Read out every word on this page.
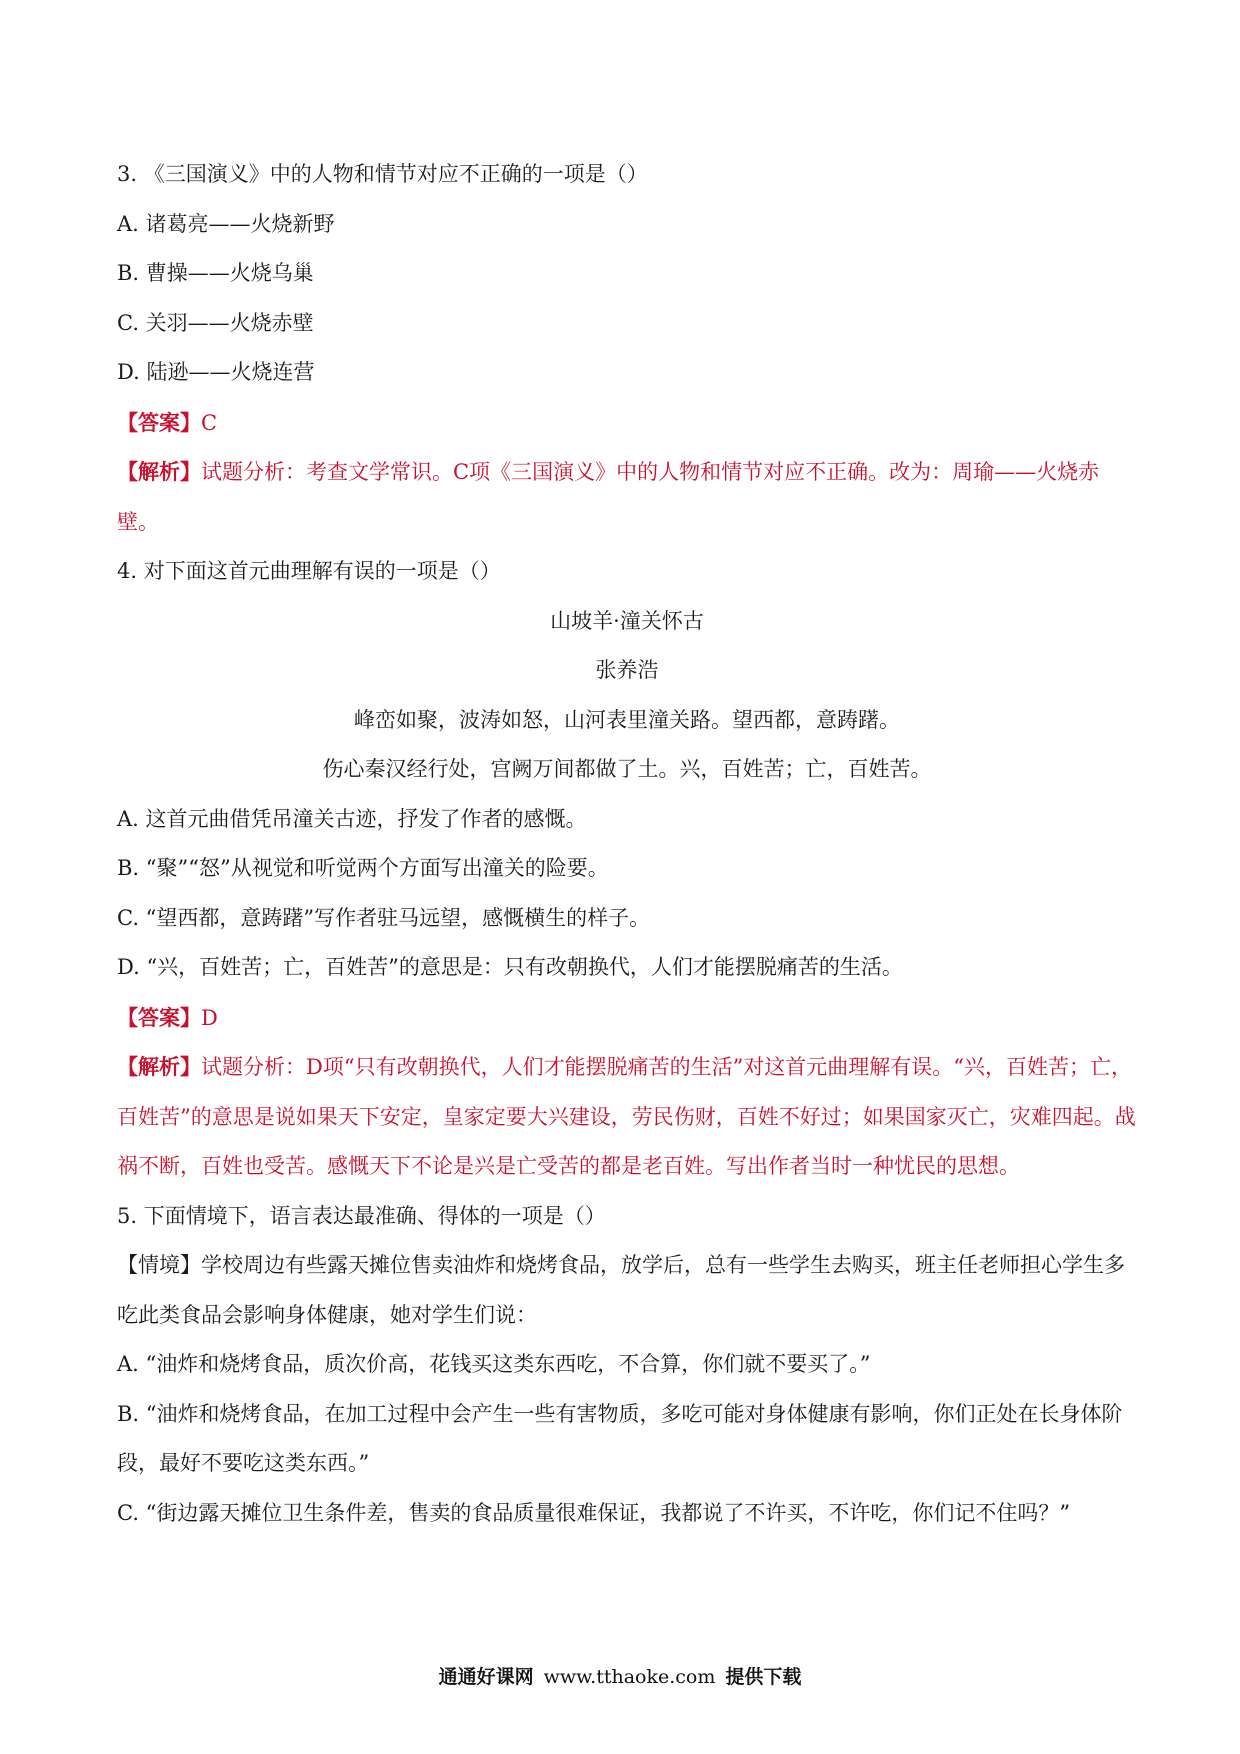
3. 《三国演义》中的人物和情节对应不正确的一项是（）
A. 诸葛亮——火烧新野
B. 曹操——火烧乌巢
C. 关羽——火烧赤壁
D. 陆逊——火烧连营
【答案】C
【解析】试题分析：考查文学常识。C项《三国演义》中的人物和情节对应不正确。改为：周瑜——火烧赤壁。
4. 对下面这首元曲理解有误的一项是（）
山坡羊·潼关怀古
张养浩
峰峦如聚，波涛如怒，山河表里潼关路。望西都，意踌躇。
伤心秦汉经行处，宫阙万间都做了土。兴，百姓苦；亡，百姓苦。
A. 这首元曲借凭吊潼关古迹，抒发了作者的感慨。
B. “聚”“怒”从视觉和听觉两个方面写出潼关的险要。
C. “望西都，意踌躇”写作者驻马远望，感慨横生的样子。
D. “兴，百姓苦；亡，百姓苦”的意思是：只有改朝换代，人们才能摆脱痛苦的生活。
【答案】D
【解析】试题分析：D项“只有改朝换代，人们才能摆脱痛苦的生活”对这首元曲理解有误。“兴，百姓苦；亡，百姓苦”的意思是说如果天下安定，皇家定要大兴建设，劳民伤财，百姓不好过；如果国家灭亡，灾难四起。战祸不断，百姓也受苦。感慨天下不论是兴是亡受苦的都是老百姓。写出作者当时一种忧民的思想。
5. 下面情境下，语言表达最准确、得体的一项是（）
【情境】学校周边有些露天摊位售卖油炸和烧烤食品，放学后，总有一些学生去购买，班主任老师担心学生多吃此类食品会影响身体健康，她对学生们说：
A. “油炸和烧烤食品，质次价高，花钱买这类东西吃，不合算，你们就不要买了。”
B. “油炸和烧烤食品，在加工过程中会产生一些有害物质，多吃可能对身体健康有影响，你们正处在长身体阶段，最好不要吃这类东西。”
C. “街边露天摊位卫生条件差，售卖的食品质量很难保证，我都说了不许买，不许吃，你们记不住吗？”
通通好课网 www.tthaoke.com 提供下载
